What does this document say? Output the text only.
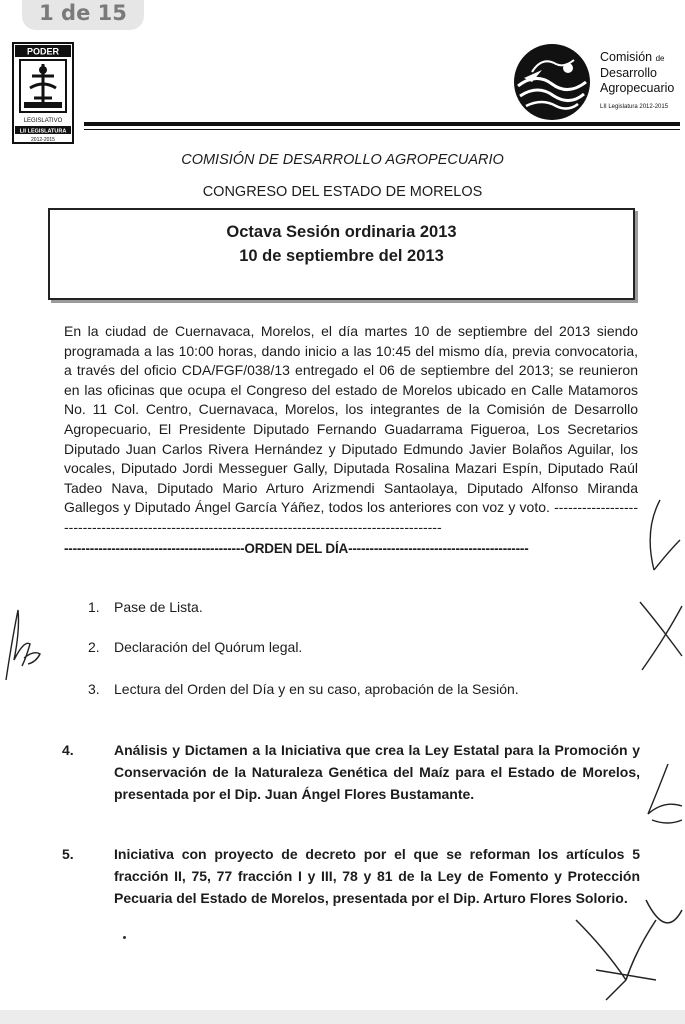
1 de 15
PODER
LEGISLATIVO
LII LEGISLATURA
2012-2015
Comisión de
Desarrollo
Agropecuario
LII Legislatura 2012-2015
COMISIÓN DE DESARROLLO AGROPECUARIO
CONGRESO DEL ESTADO DE MORELOS
Octava Sesión ordinaria 2013
10 de septiembre del 2013
En la ciudad de Cuernavaca, Morelos, el día martes 10 de septiembre del 2013 siendo programada a las 10:00 horas, dando inicio a las 10:45 del mismo día, previa convocatoria, a través del oficio CDA/FGF/038/13 entregado el 06 de septiembre del 2013; se reunieron en las oficinas que ocupa el Congreso del estado de Morelos ubicado en Calle Matamoros No. 11 Col. Centro, Cuernavaca, Morelos, los integrantes de la Comisión de Desarrollo Agropecuario, El Presidente Diputado Fernando Guadarrama Figueroa, Los Secretarios Diputado Juan Carlos Rivera Hernández y Diputado Edmundo Javier Bolaños Aguilar, los vocales, Diputado Jordi Messeguer Gally, Diputada Rosalina Mazari Espín, Diputado Raúl Tadeo Nava, Diputado Mario Arturo Arizmendi Santaolaya, Diputado Alfonso Miranda Gallegos y Diputado Ángel García Yáñez, todos los anteriores con voz y voto. ---------------------------------------------------------------------------------------------------
------------------------------------------ORDEN DEL DÍA------------------------------------------
1. Pase de Lista.
2. Declaración del Quórum legal.
3. Lectura del Orden del Día y en su caso, aprobación de la Sesión.
4.	Análisis y Dictamen a la Iniciativa que crea la Ley Estatal para la Promoción y Conservación de la Naturaleza Genética del Maíz para el Estado de Morelos, presentada por el Dip. Juan Ángel Flores Bustamante.
5.	Iniciativa con proyecto de decreto por el que se reforman los artículos 5 fracción II, 75, 77 fracción I y III, 78 y 81 de la Ley de Fomento y Protección Pecuaria del Estado de Morelos, presentada por el Dip. Arturo Flores Solorio.
